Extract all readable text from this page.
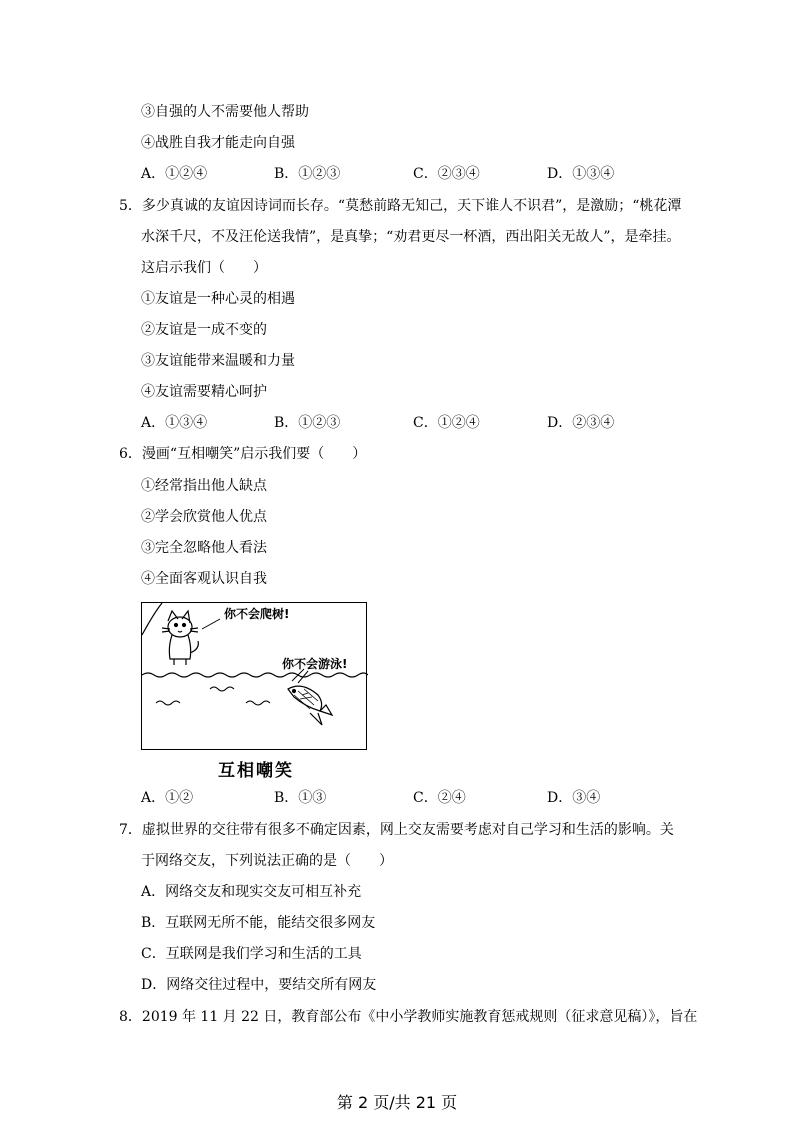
③自强的人不需要他人帮助
④战胜自我才能走向自强
A．①②④	B．①②③	C．②③④	D．①③④
5．多少真诚的友谊因诗词而长存。“莫愁前路无知己，天下谁人不识君”，是激励；“桃花潭
水深千尺，不及汪伦送我情”，是真挚；“劝君更尽一杯酒，西出阳关无故人”，是牵挂。
这启示我们（　　）
①友谊是一种心灵的相遇
②友谊是一成不变的
③友谊能带来温暖和力量
④友谊需要精心呵护
A．①③④	B．①②③	C．①②④	D．②③④
6．漫画“互相嘲笑”启示我们要（　　）
①经常指出他人缺点
②学会欣赏他人优点
③完全忽略他人看法
④全面客观认识自我
你不会爬树!
你不会游泳!
互相嘲笑
A．①②	B．①③	C．②④	D．③④
7．虚拟世界的交往带有很多不确定因素，网上交友需要考虑对自己学习和生活的影响。关
于网络交友，下列说法正确的是（　　）
A．网络交友和现实交友可相互补充
B．互联网无所不能，能结交很多网友
C．互联网是我们学习和生活的工具
D．网络交往过程中，要结交所有网友
8．2019 年 11 月 22 日，教育部公布《中小学教师实施教育惩戒规则（征求意见稿）》，旨在
第 2 页/共 21 页
